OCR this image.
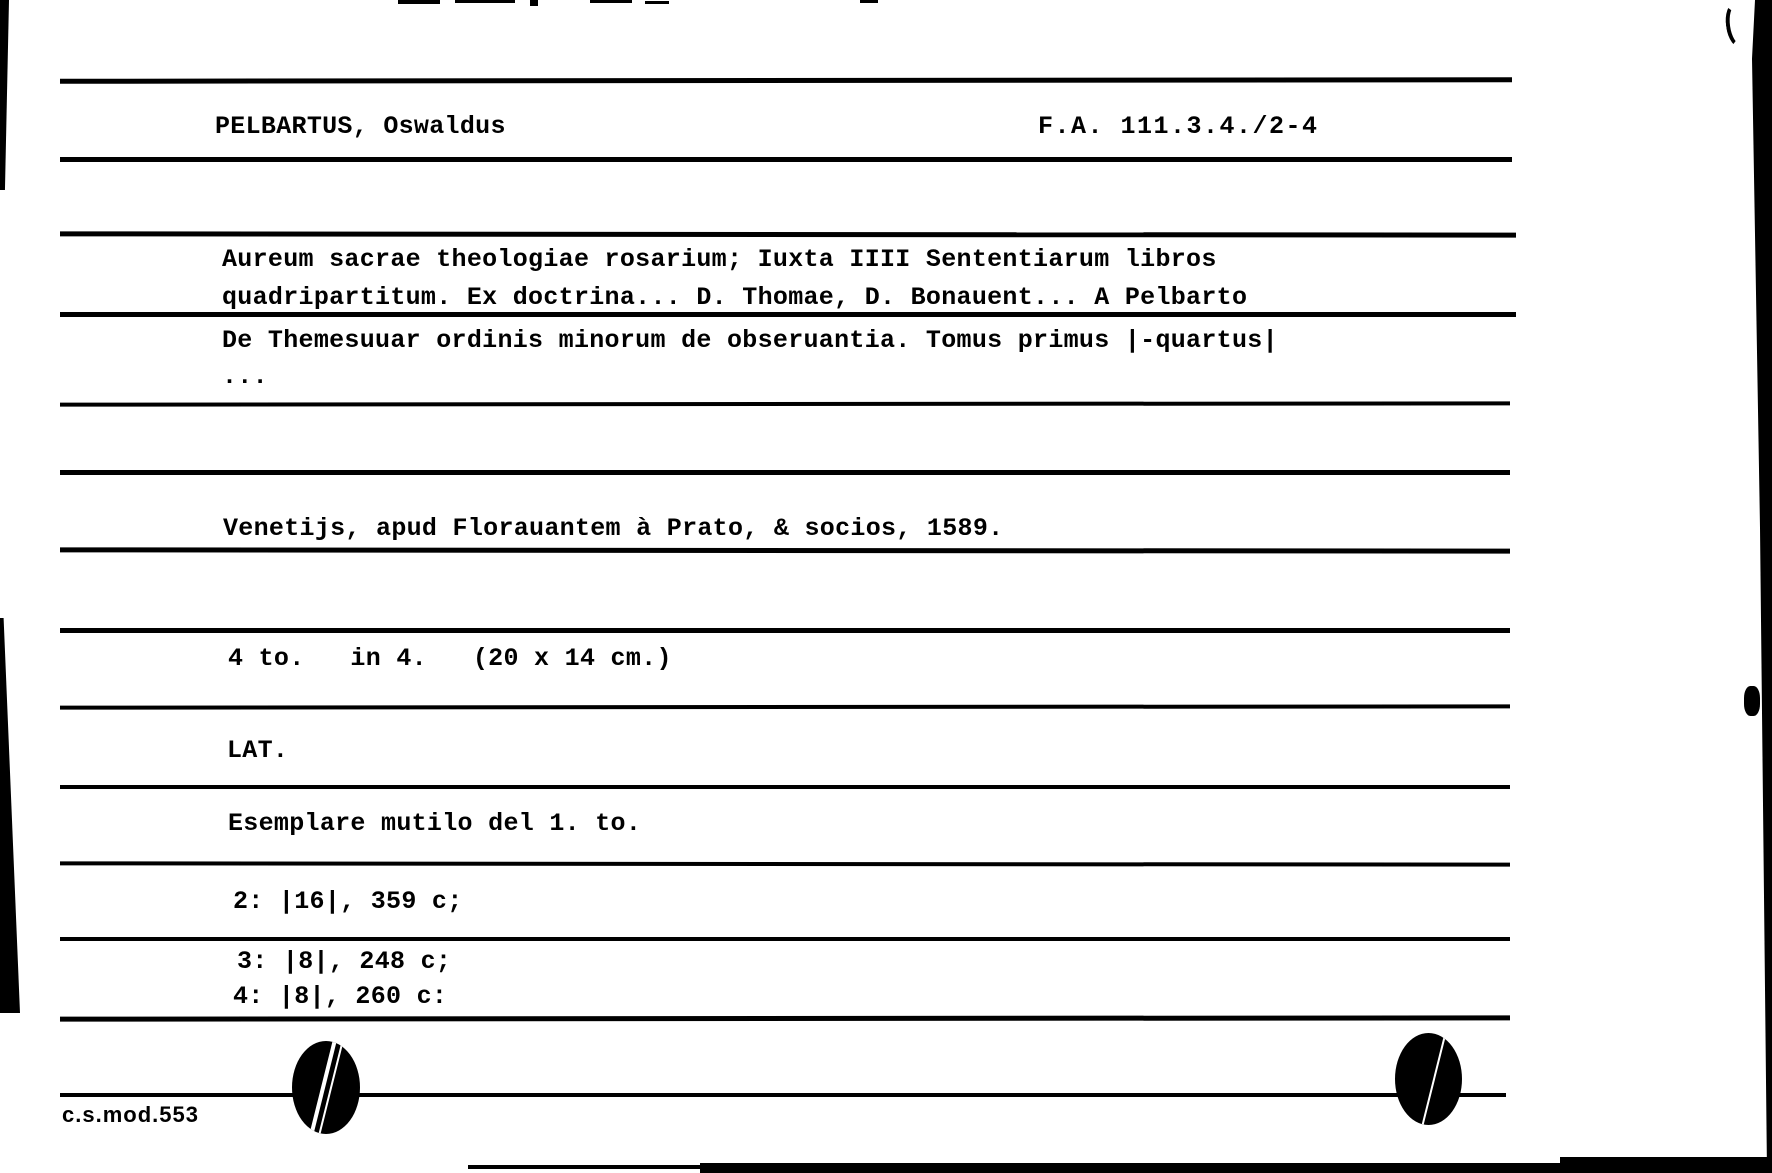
PELBARTUS, Oswaldus	F.A. 111.3.4./2-4
Aureum sacrae theologiae rosarium; Iuxta IIII Sententiarum libros
quadripartitum. Ex doctrina... D. Thomae, D. Bonauent... A Pelbarto
De Themesuuar ordinis minorum de obseruantia. Tomus primus |-quartus|
...
Venetijs, apud Florauantem à Prato, & socios, 1589.
4 to.   in 4.   (20 x 14 cm.)
LAT.
Esemplare mutilo del 1. to.
2: |16|, 359 c;
3: |8|, 248 c;
4: |8|, 260 c:
c.s.mod.553
